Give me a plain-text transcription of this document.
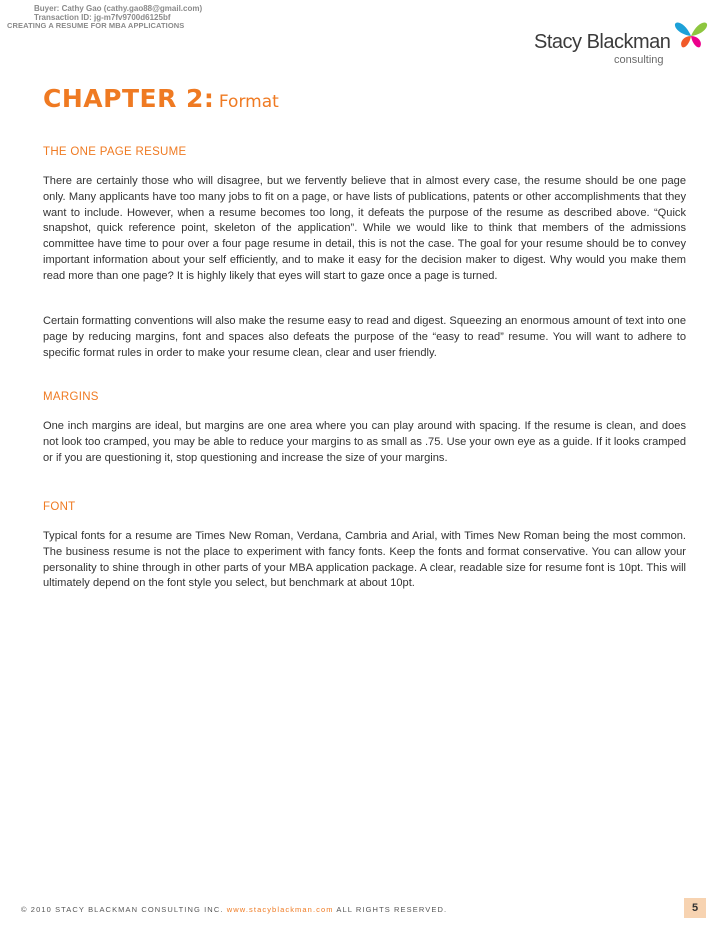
Buyer: Cathy Gao (cathy.gao88@gmail.com)
Transaction ID: jg-m7fv9700d6125bf
CREATING A RESUME FOR MBA APPLICATIONS
Stacy Blackman
consulting
CHAPTER 2: Format
THE ONE PAGE RESUME
There are certainly those who will disagree, but we fervently believe that in almost every case, the resume should be one page only. Many applicants have too many jobs to fit on a page, or have lists of publications, patents or other accomplishments that they want to include. However, when a resume becomes too long, it defeats the purpose of the resume as described above. “Quick snapshot, quick reference point, skeleton of the application”. While we would like to think that members of the admissions committee have time to pour over a four page resume in detail, this is not the case. The goal for your resume should be to convey important information about your self efficiently, and to make it easy for the decision maker to digest. Why would you make them read more than one page? It is highly likely that eyes will start to gaze once a page is turned.
Certain formatting conventions will also make the resume easy to read and digest. Squeezing an enormous amount of text into one page by reducing margins, font and spaces also defeats the purpose of the “easy to read” resume. You will want to adhere to specific format rules in order to make your resume clean, clear and user friendly.
MARGINS
One inch margins are ideal, but margins are one area where you can play around with spacing. If the resume is clean, and does not look too cramped, you may be able to reduce your margins to as small as .75. Use your own eye as a guide. If it looks cramped or if you are questioning it, stop questioning and increase the size of your margins.
FONT
Typical fonts for a resume are Times New Roman, Verdana, Cambria and Arial, with Times New Roman being the most common. The business resume is not the place to experiment with fancy fonts. Keep the fonts and format conservative. You can allow your personality to shine through in other parts of your MBA application package. A clear, readable size for resume font is 10pt. This will ultimately depend on the font style you select, but benchmark at about 10pt.
© 2010 STACY BLACKMAN CONSULTING INC. www.stacyblackman.com ALL RIGHTS RESERVED.	5
